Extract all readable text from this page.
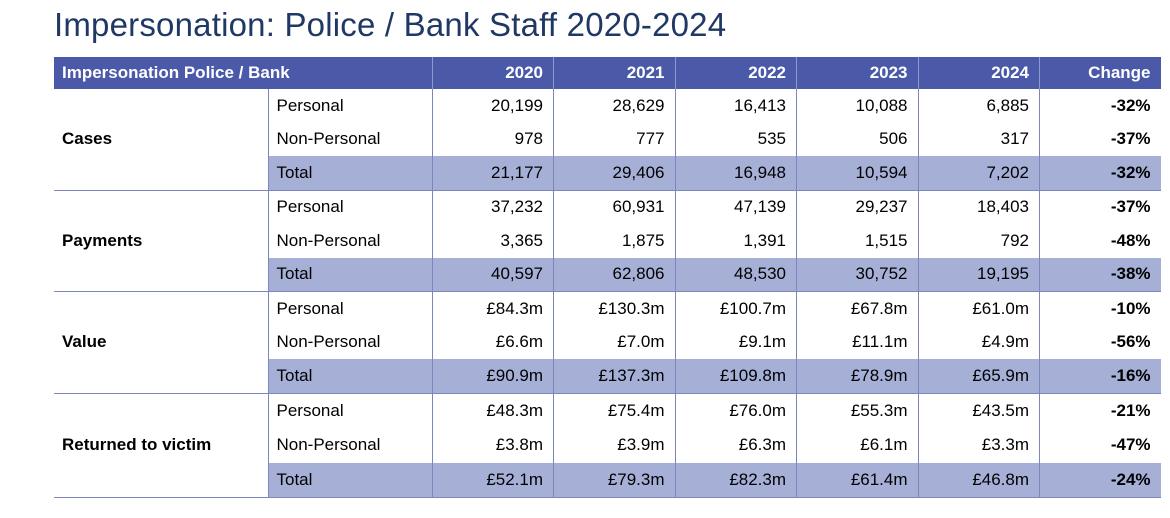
Impersonation: Police / Bank Staff 2020-2024
Impersonation Police / Bank		2020	2021	2022	2023	2024	Change
Cases	Personal	20,199	28,629	16,413	10,088	6,885	-32%
	Non-Personal	978	777	535	506	317	-37%
	Total	21,177	29,406	16,948	10,594	7,202	-32%
Payments	Personal	37,232	60,931	47,139	29,237	18,403	-37%
	Non-Personal	3,365	1,875	1,391	1,515	792	-48%
	Total	40,597	62,806	48,530	30,752	19,195	-38%
Value	Personal	£84.3m	£130.3m	£100.7m	£67.8m	£61.0m	-10%
	Non-Personal	£6.6m	£7.0m	£9.1m	£11.1m	£4.9m	-56%
	Total	£90.9m	£137.3m	£109.8m	£78.9m	£65.9m	-16%
Returned to victim	Personal	£48.3m	£75.4m	£76.0m	£55.3m	£43.5m	-21%
	Non-Personal	£3.8m	£3.9m	£6.3m	£6.1m	£3.3m	-47%
	Total	£52.1m	£79.3m	£82.3m	£61.4m	£46.8m	-24%
